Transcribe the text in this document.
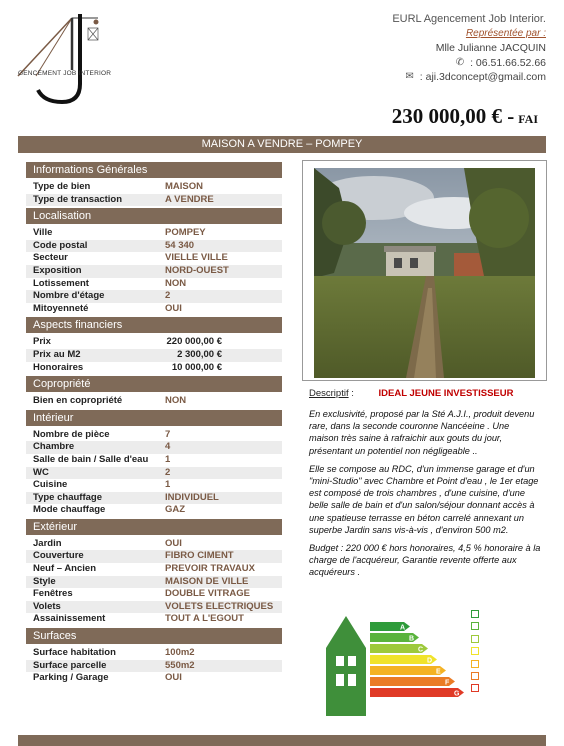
GENCEMENT JOB INTERIOR
EURL Agencement Job Interior.
Représentée par :
Mlle Julianne JACQUIN
✆ : 06.51.66.52.66
✉ : aji.3dconcept@gmail.com
230 000,00 € - FAI
MAISON A VENDRE – POMPEY
Informations Générales
Type de bien	MAISON
Type de transaction	A VENDRE
Localisation
Ville	POMPEY
Code postal	54 340
Secteur	VIELLE VILLE
Exposition	NORD-OUEST
Lotissement	NON
Nombre d'étage	2
Mitoyenneté	OUI
Aspects financiers
Prix	220 000,00 €
Prix au M2	2 300,00 €
Honoraires	10 000,00 €
Copropriété
Bien en copropriété	NON
Intérieur
Nombre de pièce	7
Chambre	4
Salle de bain / Salle d'eau	1
WC	2
Cuisine	1
Type chauffage	INDIVIDUEL
Mode chauffage	GAZ
Extérieur
Jardin	OUI
Couverture	FIBRO CIMENT
Neuf – Ancien	PREVOIR TRAVAUX
Style	MAISON DE VILLE
Fenêtres	DOUBLE VITRAGE
Volets	VOLETS ELECTRIQUES
Assainissement	TOUT A L'EGOUT
Surfaces
Surface habitation	100m2
Surface parcelle	550m2
Parking / Garage	OUI
Descriptif :	IDEAL JEUNE INVESTISSEUR

En exclusivité, proposé par la Sté A.J.I., produit devenu rare, dans la seconde couronne Nancéeine . Une maison très saine à rafraichir aux gouts du jour, présentant un potentiel non négligeable ..

Elle se compose au RDC, d'un immense garage et d'un "mini-Studio" avec Chambre et Point d'eau , le 1er etage est composé de trois chambres , d'une cuisine, d'une belle salle de bain et d'un salon/séjour donnant accès à une spatieuse terrasse en béton carrelé annexant un superbe Jardin sans vis-à-vis , d'environ 500 m2.

Budget : 220 000 € hors honoraires, 4,5 % honoraire à la charge de l'acquéreur, Garantie revente offerte aux acquéreurs .

A
B
C
D
E
F
G
